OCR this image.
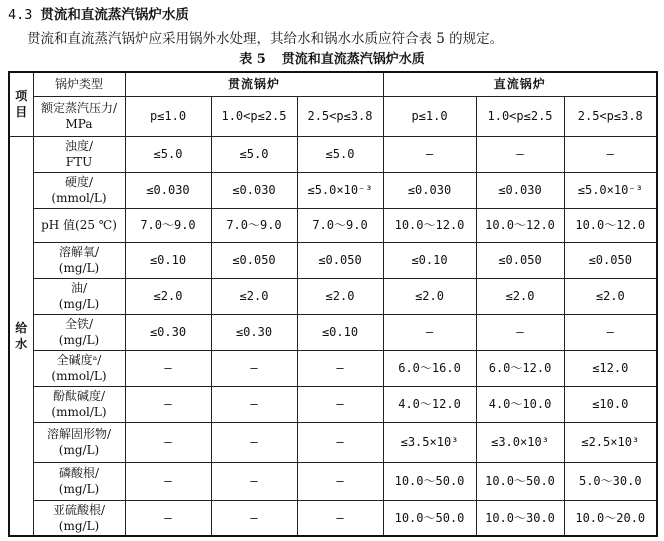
4.3 贯流和直流蒸汽锅炉水质
贯流和直流蒸汽锅炉应采用锅外水处理，其给水和锅水水质应符合表 5 的规定。
表 5 贯流和直流蒸汽锅炉水质
项
目	锅炉类型	贯流锅炉			直流锅炉		
	额定蒸汽压力/
MPa	p≤1.0	1.0<p≤2.5	2.5<p≤3.8	p≤1.0	1.0<p≤2.5	2.5<p≤3.8
给
水	浊度/
FTU	≤5.0	≤5.0	≤5.0	—	—	—
	硬度/
(mmol/L)	≤0.030	≤0.030	≤5.0×10⁻³	≤0.030	≤0.030	≤5.0×10⁻³
	pH 值(25 ℃)	7.0～9.0	7.0～9.0	7.0～9.0	10.0～12.0	10.0～12.0	10.0～12.0
	溶解氧/
(mg/L)	≤0.10	≤0.050	≤0.050	≤0.10	≤0.050	≤0.050
	油/
(mg/L)	≤2.0	≤2.0	≤2.0	≤2.0	≤2.0	≤2.0
	全铁/
(mg/L)	≤0.30	≤0.30	≤0.10	—	—	—
	全碱度ᵃ/
(mmol/L)	—	—	—	6.0～16.0	6.0～12.0	≤12.0
	酚酞碱度/
(mmol/L)	—	—	—	4.0～12.0	4.0～10.0	≤10.0
	溶解固形物/
(mg/L)	—	—	—	≤3.5×10³	≤3.0×10³	≤2.5×10³
	磷酸根/
(mg/L)	—	—	—	10.0～50.0	10.0～50.0	5.0～30.0
	亚硫酸根/
(mg/L)	—	—	—	10.0～50.0	10.0～30.0	10.0～20.0
